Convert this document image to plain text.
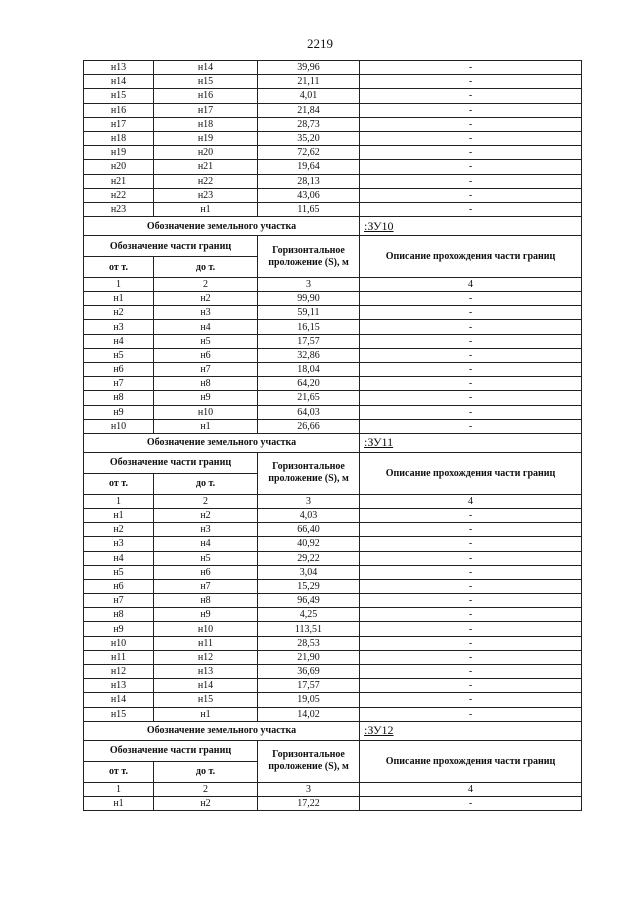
2219
н13	н14	39,96	-
н14	н15	21,11	-
н15	н16	4,01	-
н16	н17	21,84	-
н17	н18	28,73	-
н18	н19	35,20	-
н19	н20	72,62	-
н20	н21	19,64	-
н21	н22	28,13	-
н22	н23	43,06	-
н23	н1	11,65	-
Обозначение земельного участка			:ЗУ10
Обозначение части границ		Горизонтальное проложение (S), м	Описание прохождения части границ
от т.	до т.		
1	2	3	4
н1	н2	99,90	-
н2	н3	59,11	-
н3	н4	16,15	-
н4	н5	17,57	-
н5	н6	32,86	-
н6	н7	18,04	-
н7	н8	64,20	-
н8	н9	21,65	-
н9	н10	64,03	-
н10	н1	26,66	-
Обозначение земельного участка			:ЗУ11
Обозначение части границ		Горизонтальное проложение (S), м	Описание прохождения части границ
от т.	до т.		
1	2	3	4
н1	н2	4,03	-
н2	н3	66,40	-
н3	н4	40,92	-
н4	н5	29,22	-
н5	н6	3,04	-
н6	н7	15,29	-
н7	н8	96,49	-
н8	н9	4,25	-
н9	н10	113,51	-
н10	н11	28,53	-
н11	н12	21,90	-
н12	н13	36,69	-
н13	н14	17,57	-
н14	н15	19,05	-
н15	н1	14,02	-
Обозначение земельного участка			:ЗУ12
Обозначение части границ		Горизонтальное проложение (S), м	Описание прохождения части границ
от т.	до т.		
1	2	3	4
н1	н2	17,22	-
